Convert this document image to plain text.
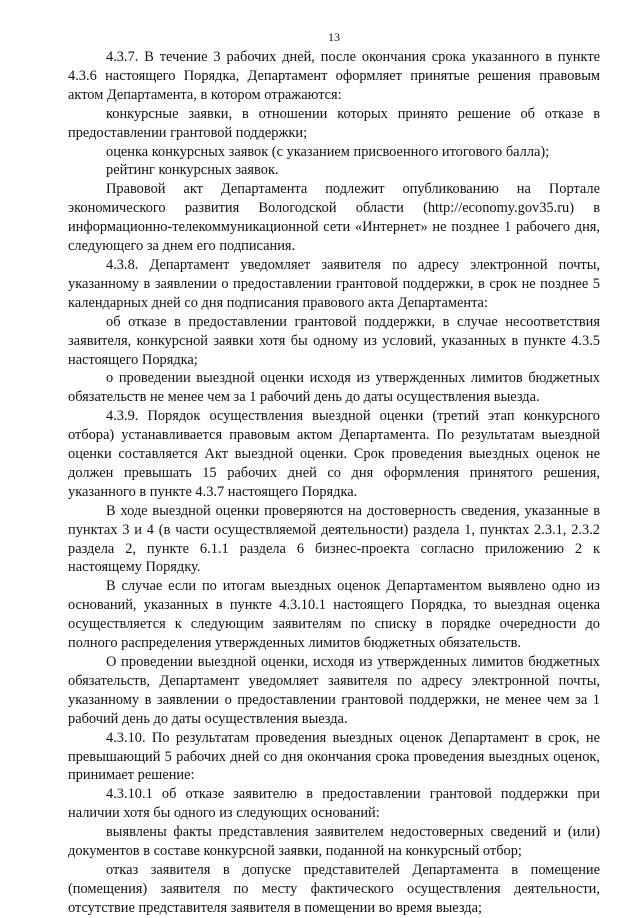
13

4.3.7. В течение 3 рабочих дней, после окончания срока указанного в пункте 4.3.6 настоящего Порядка, Департамент оформляет принятые решения правовым актом Департамента, в котором отражаются:

конкурсные заявки, в отношении которых принято решение об отказе в предоставлении грантовой поддержки;

оценка конкурсных заявок (с указанием присвоенного итогового балла);

рейтинг конкурсных заявок.

Правовой акт Департамента подлежит опубликованию на Портале экономического развития Вологодской области (http://economy.gov35.ru) в информационно-телекоммуникационной сети «Интернет» не позднее 1 рабочего дня, следующего за днем его подписания.

4.3.8. Департамент уведомляет заявителя по адресу электронной почты, указанному в заявлении о предоставлении грантовой поддержки, в срок не позднее 5 календарных дней со дня подписания правового акта Департамента:

об отказе в предоставлении грантовой поддержки, в случае несоответствия заявителя, конкурсной заявки хотя бы одному из условий, указанных в пункте 4.3.5 настоящего Порядка;

о проведении выездной оценки исходя из утвержденных лимитов бюджетных обязательств не менее чем за 1 рабочий день до даты осуществления выезда.

4.3.9. Порядок осуществления выездной оценки (третий этап конкурсного отбора) устанавливается правовым актом Департамента. По результатам выездной оценки составляется Акт выездной оценки. Срок проведения выездных оценок не должен превышать 15 рабочих дней со дня оформления принятого решения, указанного в пункте 4.3.7 настоящего Порядка.

В ходе выездной оценки проверяются на достоверность сведения, указанные в пунктах 3 и 4 (в части осуществляемой деятельности) раздела 1, пунктах 2.3.1, 2.3.2 раздела 2, пункте 6.1.1 раздела 6 бизнес-проекта согласно приложению 2 к настоящему Порядку.

В случае если по итогам выездных оценок Департаментом выявлено одно из оснований, указанных в пункте 4.3.10.1 настоящего Порядка, то выездная оценка осуществляется к следующим заявителям по списку в порядке очередности до полного распределения утвержденных лимитов бюджетных обязательств.

О проведении выездной оценки, исходя из утвержденных лимитов бюджетных обязательств, Департамент уведомляет заявителя по адресу электронной почты, указанному в заявлении о предоставлении грантовой поддержки, не менее чем за 1 рабочий день до даты осуществления выезда.

4.3.10. По результатам проведения выездных оценок Департамент в срок, не превышающий 5 рабочих дней со дня окончания срока проведения выездных оценок, принимает решение:

4.3.10.1 об отказе заявителю в предоставлении грантовой поддержки при наличии хотя бы одного из следующих оснований:

выявлены факты представления заявителем недостоверных сведений и (или) документов в составе конкурсной заявки, поданной на конкурсный отбор;

отказ заявителя в допуске представителей Департамента в помещение (помещения) заявителя по месту фактического осуществления деятельности, отсутствие представителя заявителя в помещении во время выезда;
